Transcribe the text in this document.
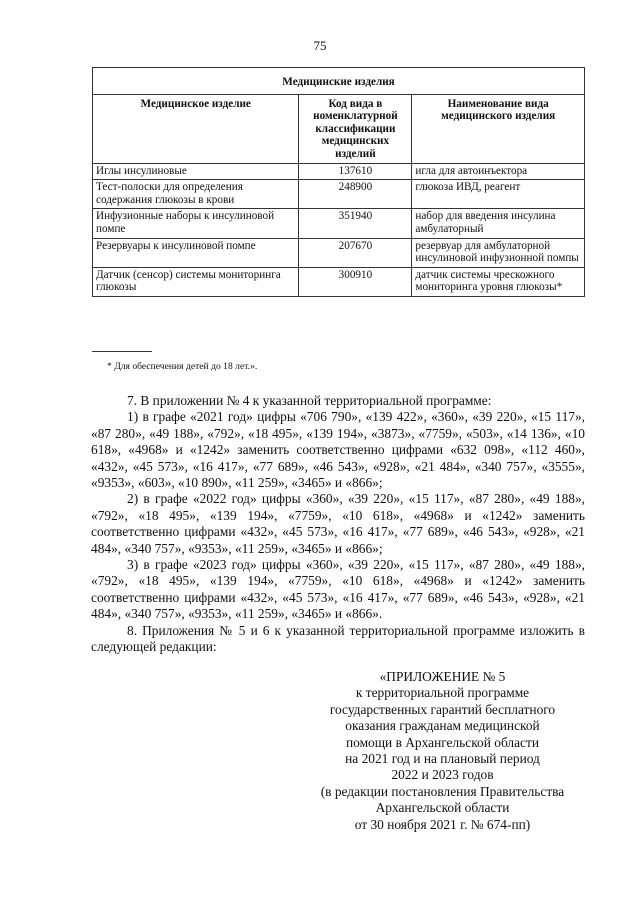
75
Медицинские изделия		
Медицинское изделие	Код вида в номенклатурной классификации медицинских изделий	Наименование вида медицинского изделия
Иглы инсулиновые	137610	игла для автоинъектора
Тест-полоски для определения содержания глюкозы в крови	248900	глюкоза ИВД, реагент
Инфузионные наборы к инсулиновой помпе	351940	набор для введения инсулина амбулаторный
Резервуары к инсулиновой помпе	207670	резервуар для амбулаторной инсулиновой инфузионной помпы
Датчик (сенсор) системы мониторинга глюкозы	300910	датчик системы чрескожного мониторинга уровня глюкозы*
* Для обеспечения детей до 18 лет.».

7. В приложении № 4 к указанной территориальной программе:

1) в графе «2021 год» цифры «706 790», «139 422», «360», «39 220», «15 117», «87 280», «49 188», «792», «18 495», «139 194», «3873», «7759», «503», «14 136», «10 618», «4968» и «1242» заменить соответственно цифрами «632 098», «112 460», «432», «45 573», «16 417», «77 689», «46 543», «928», «21 484», «340 757», «3555», «9353», «603», «10 890», «11 259», «3465» и «866»;

2) в графе «2022 год» цифры «360», «39 220», «15 117», «87 280», «49 188», «792», «18 495», «139 194», «7759», «10 618», «4968» и «1242» заменить соответственно цифрами «432», «45 573», «16 417», «77 689», «46 543», «928», «21 484», «340 757», «9353», «11 259», «3465» и «866»;

3) в графе «2023 год» цифры «360», «39 220», «15 117», «87 280», «49 188», «792», «18 495», «139 194», «7759», «10 618», «4968» и «1242» заменить соответственно цифрами «432», «45 573», «16 417», «77 689», «46 543», «928», «21 484», «340 757», «9353», «11 259», «3465» и «866».

8. Приложения № 5 и 6 к указанной территориальной программе изложить в следующей редакции:

«ПРИЛОЖЕНИЕ № 5
к территориальной программе
государственных гарантий бесплатного
оказания гражданам медицинской
помощи в Архангельской области
на 2021 год и на плановый период
2022 и 2023 годов
(в редакции постановления Правительства
Архангельской области
от 30 ноября 2021 г. № 674-пп)
